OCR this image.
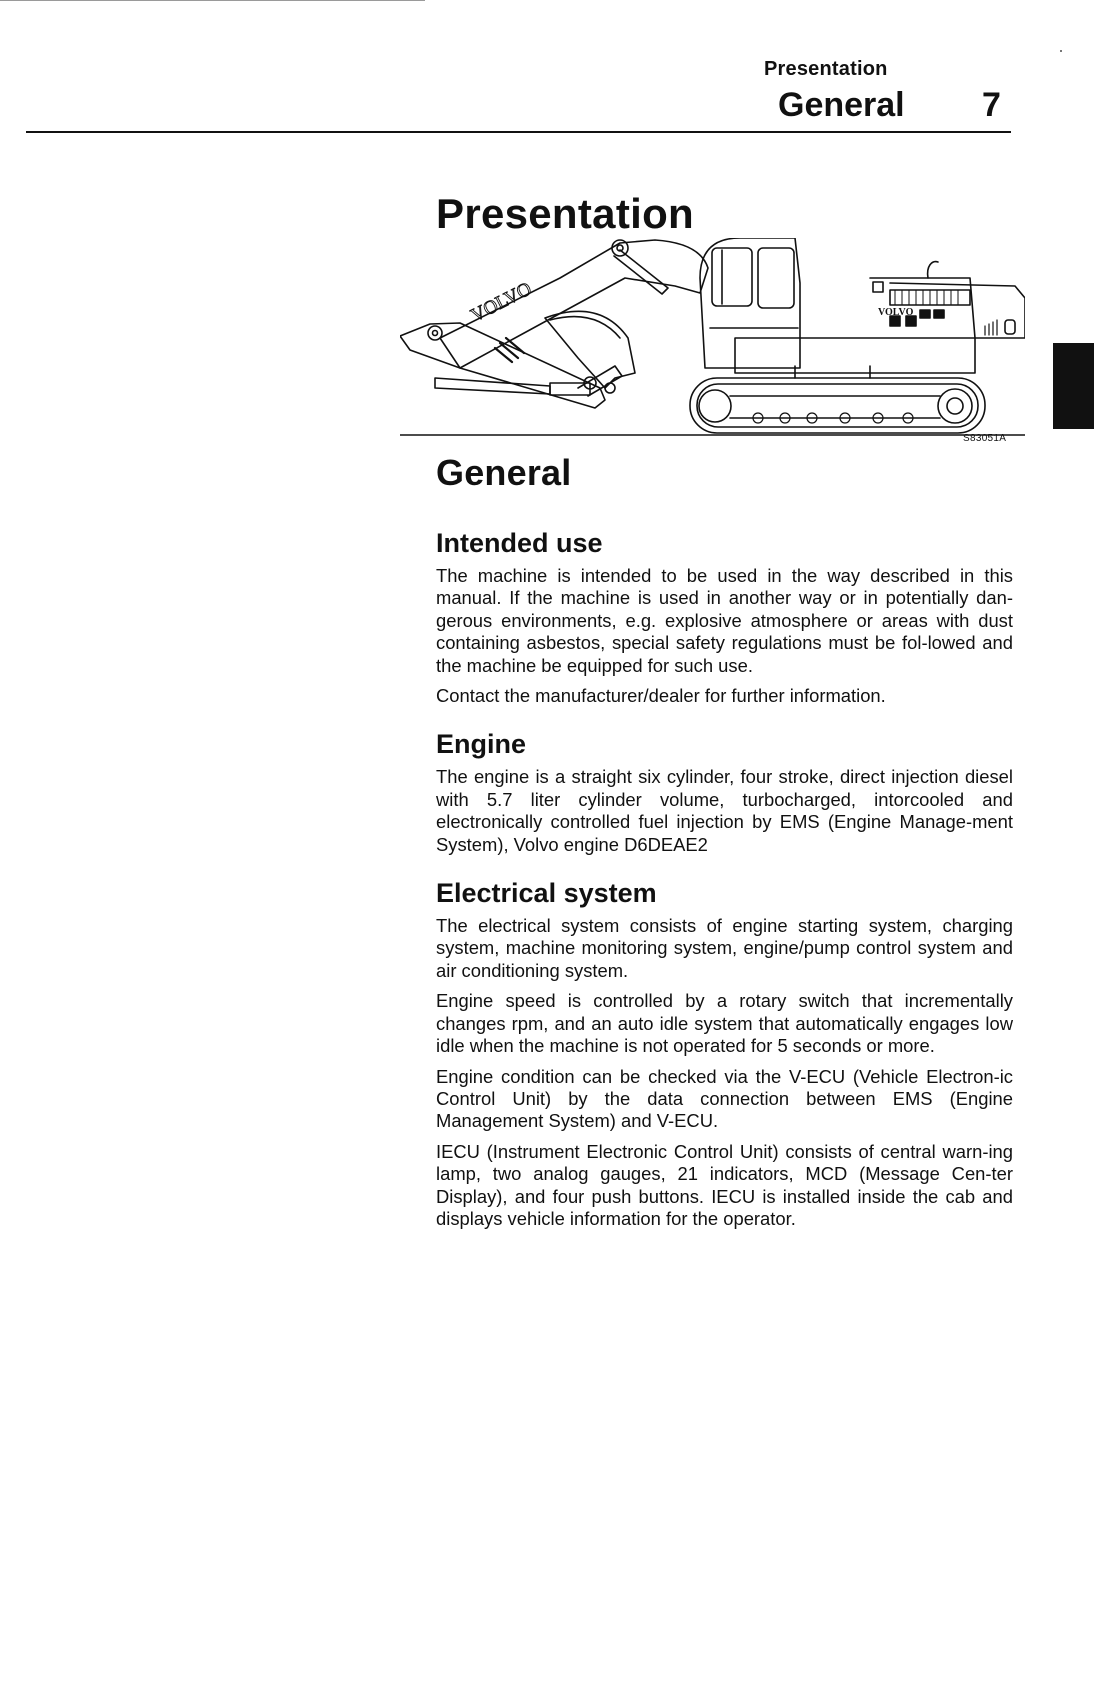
Presentation
General 7
Presentation
VOLVO
VOLVO
S83051A
General
Intended use

The machine is intended to be used in the way described in this manual. If the machine is used in another way or in potentially dan-gerous environments, e.g. explosive atmosphere or areas with dust containing asbestos, special safety regulations must be fol-lowed and the machine be equipped for such use.

Contact the manufacturer/dealer for further information.

Engine

The engine is a straight six cylinder, four stroke, direct injection diesel with 5.7 liter cylinder volume, turbocharged, intorcooled and electronically controlled fuel injection by EMS (Engine Manage-ment System), Volvo engine D6DEAE2

Electrical system

The electrical system consists of engine starting system, charging system, machine monitoring system, engine/pump control system and air conditioning system.

Engine speed is controlled by a rotary switch that incrementally changes rpm, and an auto idle system that automatically engages low idle when the machine is not operated for 5 seconds or more.

Engine condition can be checked via the V-ECU (Vehicle Electron-ic Control Unit) by the data connection between EMS (Engine Management System) and V-ECU.

IECU (Instrument Electronic Control Unit) consists of central warn-ing lamp, two analog gauges, 21 indicators, MCD (Message Cen-ter Display), and four push buttons. IECU is installed inside the cab and displays vehicle information for the operator.
